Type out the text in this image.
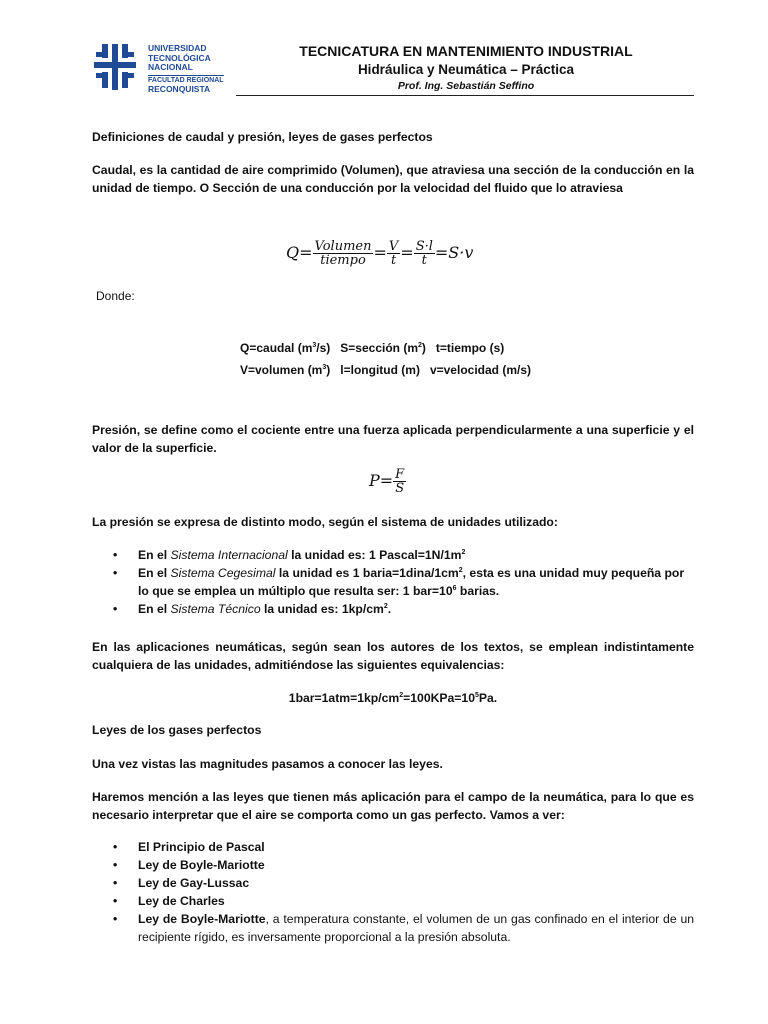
UNIVERSIDAD
TECNOLÓGICA
NACIONAL
FACULTAD REGIONAL
RECONQUISTA
TECNICATURA EN MANTENIMIENTO INDUSTRIAL
Hidráulica y Neumática – Práctica
Prof. Ing. Sebastián Seffino
Definiciones de caudal y presión, leyes de gases perfectos
Caudal, es la cantidad de aire comprimido (Volumen), que atraviesa una sección de la conducción en la unidad de tiempo. O Sección de una conducción por la velocidad del fluido que lo atraviesa
$Q= \frac{\text{Volumen}}{\text{tiempo}} = \frac{V}{t} = \frac{S\cdot l}{t} =S\cdot v$
Donde:
Q=caudal $(m^3/s)$ S=sección $(m^2)$ t=tiempo (s)
V=volumen $(m^3)$ l=longitud (m) v=velocidad (m/s)
Presión, se define como el cociente entre una fuerza aplicada perpendicularmente a una superficie y el valor de la superficie.
$P= \frac{F}{S}$
La presión se expresa de distinto modo, según el sistema de unidades utilizado:
• En el Sistema Internacional la unidad es: 1 $Pascal=1N/1m^2$
• En el Sistema Cegesimal la unidad es 1 $baria=1dina/1cm^2$, esta es una unidad muy pequeña por lo que se emplea un múltiplo que resulta ser: 1 $bar=10^6$ barias.
• En el Sistema Técnico la unidad es: $1kp/cm^2$.
En las aplicaciones neumáticas, según sean los autores de los textos, se emplean indistintamente cualquiera de las unidades, admitiéndose las siguientes equivalencias:
$1bar=1atm=1kp/cm^2=100KPa=10^5Pa$.
Leyes de los gases perfectos
Una vez vistas las magnitudes pasamos a conocer las leyes.
Haremos mención a las leyes que tienen más aplicación para el campo de la neumática, para lo que es necesario interpretar que el aire se comporta como un gas perfecto. Vamos a ver:
• El Principio de Pascal
• Ley de Boyle-Mariotte
• Ley de Gay-Lussac
• Ley de Charles
• Ley de Boyle-Mariotte, a temperatura constante, el volumen de un gas confinado en el interior de un recipiente rígido, es inversamente proporcional a la presión absoluta.
